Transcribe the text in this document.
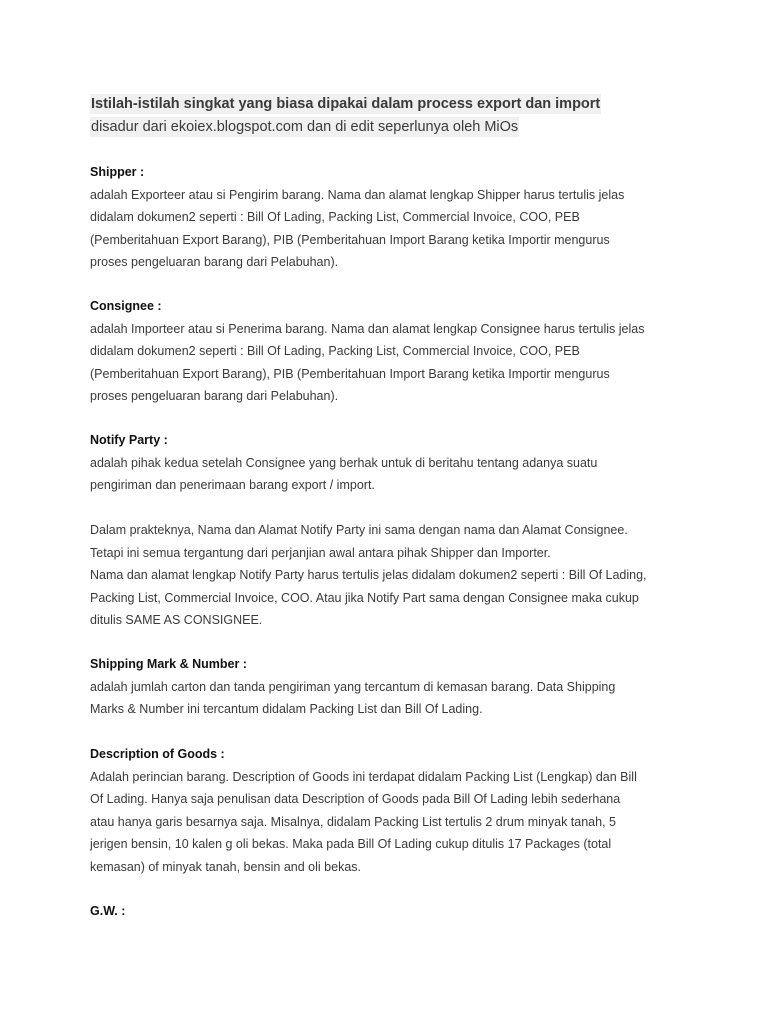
Istilah-istilah singkat yang biasa dipakai dalam process export dan import
disadur dari ekoiex.blogspot.com dan di edit seperlunya oleh MiOs
Shipper :
adalah Exporteer atau si Pengirim barang. Nama dan alamat lengkap Shipper harus tertulis jelas
didalam dokumen2 seperti : Bill Of Lading, Packing List, Commercial Invoice, COO, PEB
(Pemberitahuan Export Barang), PIB (Pemberitahuan Import Barang ketika Importir mengurus
proses pengeluaran barang dari Pelabuhan).
Consignee :
adalah Importeer atau si Penerima barang. Nama dan alamat lengkap Consignee harus tertulis jelas
didalam dokumen2 seperti : Bill Of Lading, Packing List, Commercial Invoice, COO, PEB
(Pemberitahuan Export Barang), PIB (Pemberitahuan Import Barang ketika Importir mengurus
proses pengeluaran barang dari Pelabuhan).
Notify Party :
adalah pihak kedua setelah Consignee yang berhak untuk di beritahu tentang adanya suatu
pengiriman dan penerimaan barang export / import.
Dalam prakteknya, Nama dan Alamat Notify Party ini sama dengan nama dan Alamat Consignee.
Tetapi ini semua tergantung dari perjanjian awal antara pihak Shipper dan Importer.
Nama dan alamat lengkap Notify Party harus tertulis jelas didalam dokumen2 seperti : Bill Of Lading,
Packing List, Commercial Invoice, COO. Atau jika Notify Part sama dengan Consignee maka cukup
ditulis SAME AS CONSIGNEE.
Shipping Mark & Number :
adalah jumlah carton dan tanda pengiriman yang tercantum di kemasan barang. Data Shipping
Marks & Number ini tercantum didalam Packing List dan Bill Of Lading.
Description of Goods :
Adalah perincian barang. Description of Goods ini terdapat didalam Packing List (Lengkap) dan Bill
Of Lading. Hanya saja penulisan data Description of Goods pada Bill Of Lading lebih sederhana
atau hanya garis besarnya saja. Misalnya, didalam Packing List tertulis 2 drum minyak tanah, 5
jerigen bensin, 10 kalen g oli bekas. Maka pada Bill Of Lading cukup ditulis 17 Packages (total
kemasan) of minyak tanah, bensin and oli bekas.
G.W. :
